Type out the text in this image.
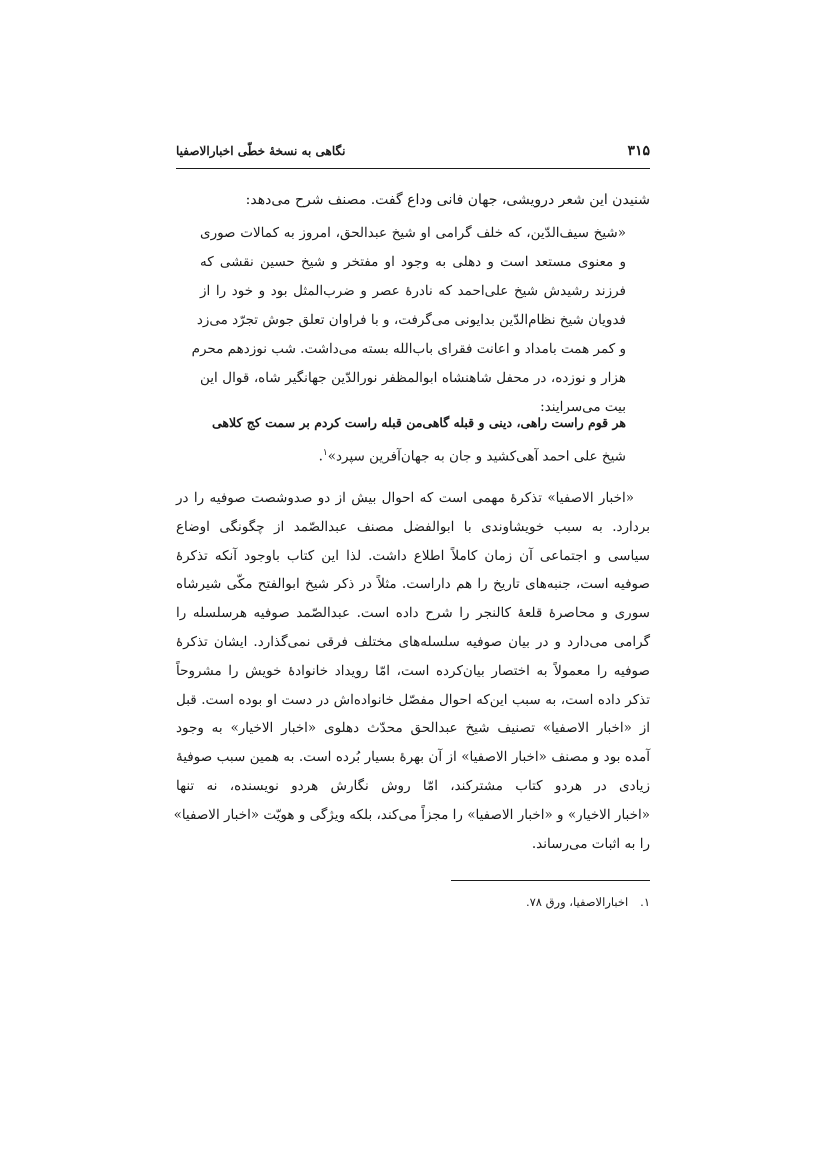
۳۱۵
نگاهی به نسخهٔ خطّی اخبارالاصفیا
شنیدن این شعر درویشی، جهان فانی وداع گفت. مصنف شرح می‌دهد:
«شیخ سیف‌الدّین، که خلف گرامی او شیخ عبدالحق، امروز به کمالات صوری
و معنوی مستعد است و دهلی به وجود او مفتخر و شیخ حسین نقشی که
فرزند رشیدش شیخ علی‌احمد که نادرهٔ عصر و ضرب‌المثل بود و خود را از
فدویان شیخ نظام‌الدّین بدایونی می‌گرفت، و با فراوان تعلق جوش تجرّد می‌زد
و کمر همت بامداد و اعانت فقرای باب‌الله بسته می‌داشت. شب نوزدهم محرم
هزار و نوزده، در محفل شاهنشاه ابوالمظفر نورالدّین جهانگیر شاه، قوال این
بیت می‌سرایند:
هر قوم راست راهی، دینی و قبله گاهی
من قبله راست کردم بر سمت کج کلاهی
شیخ علی احمد آهی‌کشید و جان به جهان‌آفرین سپرد»$^۱$.
«اخبار الاصفیا» تذکرهٔ مهمی است که احوال بیش از دو صدوشصت صوفیه را در
بردارد. به سبب خویشاوندی با ابوالفضل مصنف عبدالصّمد از چگونگی اوضاع
سیاسی و اجتماعی آن زمان کاملاً اطلاع داشت. لذا این کتاب باوجود آنکه تذکرهٔ
صوفیه است، جنبه‌های تاریخ را هم داراست. مثلاً در ذکر شیخ ابوالفتح مکّی شیرشاه
سوری و محاصرهٔ قلعهٔ کالنجر را شرح داده است. عبدالصّمد صوفیه هرسلسله را
گرامی می‌دارد و در بیان صوفیه سلسله‌های مختلف فرقی نمی‌گذارد. ایشان تذکرهٔ
صوفیه را معمولاً به اختصار بیان‌کرده است، امّا رویداد خانوادهٔ خویش را مشروحاً
تذکر داده است، به سبب این‌که احوال مفصّل خانواده‌اش در دست او بوده است. قبل
از «اخبار الاصفیا» تصنیف شیخ عبدالحق محدّث دهلوی «اخبار الاخیار» به وجود
آمده بود و مصنف «اخبار الاصفیا» از آن بهرهٔ بسیار بُرده است. به همین سبب صوفیهٔ
زیادی در هردو کتاب مشترکند، امّا روش نگارش هردو نویسنده، نه تنها
«اخبار الاخیار» و «اخبار الاصفیا» را مجزاً می‌کند، بلکه ویژگی و هویّت «اخبار الاصفیا»
را به اثبات می‌رساند.
۱.اخبارالاصفیا، ورق ۷۸.
